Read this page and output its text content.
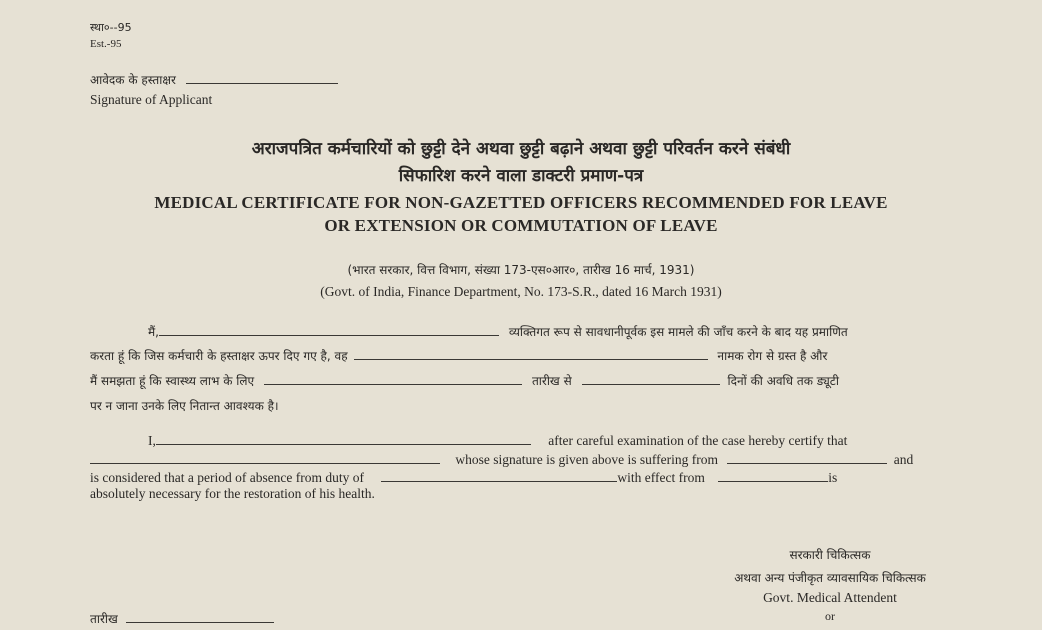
स्था०--95
Est.-95
आवेदक के हस्ताक्षर
Signature of Applicant
अराजपत्रित कर्मचारियों को छुट्टी देने अथवा छुट्टी बढ़ाने अथवा छुट्टी परिवर्तन करने संबंधी
सिफारिश करने वाला डाक्टरी प्रमाण-पत्र
MEDICAL CERTIFICATE FOR NON-GAZETTED OFFICERS RECOMMENDED FOR LEAVE
OR EXTENSION OR COMMUTATION OF LEAVE
(भारत सरकार, वित्त विभाग, संख्या 173-एस०आर०, तारीख 16 मार्च, 1931)
(Govt. of India, Finance Department, No. 173-S.R., dated 16 March 1931)
मैं,	व्यक्तिगत रूप से सावधानीपूर्वक इस मामले की जाँच करने के बाद यह प्रमाणित
करता हूं कि जिस कर्मचारी के हस्ताक्षर ऊपर दिए गए है, वह	नामक रोग से ग्रस्त है और
मैं समझता हूं कि स्वास्थ्य लाभ के लिए	तारीख से	दिनों की अवधि तक ड्यूटी
पर न जाना उनके लिए नितान्त आवश्यक है।
I,	after careful examination of the case hereby certify that
whose signature is given above is suffering from	and
is considered that a period of absence from duty of	with effect from	is
absolutely necessary for the restoration of his health.
सरकारी चिकित्सक
अथवा अन्य पंजीकृत व्यावसायिक चिकित्सक
Govt. Medical Attendent
or
तारीख
